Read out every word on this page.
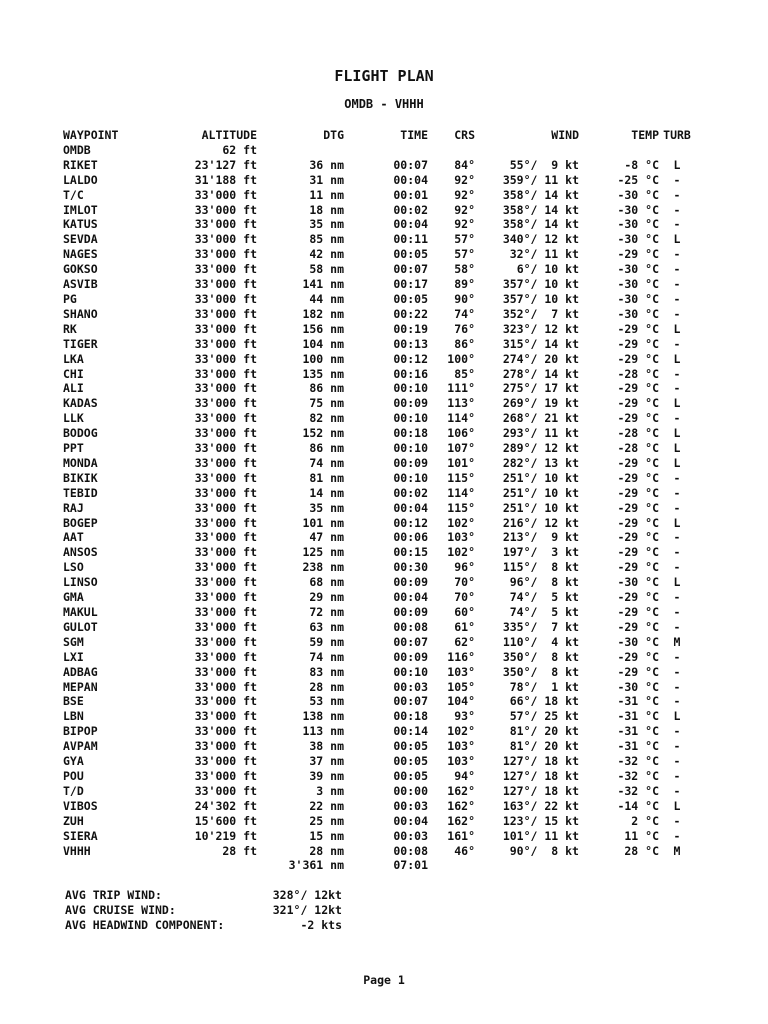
FLIGHT PLAN
OMDB - VHHH
WAYPOINT	ALTITUDE	DTG	TIME	CRS	WIND	TEMP	TURB
OMDB	62 ft						
RIKET	23'127 ft	36 nm	00:07	84°	55°/  9 kt	-8 °C	L
LALDO	31'188 ft	31 nm	00:04	92°	359°/ 11 kt	-25 °C	-
T/C	33'000 ft	11 nm	00:01	92°	358°/ 14 kt	-30 °C	-
IMLOT	33'000 ft	18 nm	00:02	92°	358°/ 14 kt	-30 °C	-
KATUS	33'000 ft	35 nm	00:04	92°	358°/ 14 kt	-30 °C	-
SEVDA	33'000 ft	85 nm	00:11	57°	340°/ 12 kt	-30 °C	L
NAGES	33'000 ft	42 nm	00:05	57°	32°/ 11 kt	-29 °C	-
GOKSO	33'000 ft	58 nm	00:07	58°	6°/ 10 kt	-30 °C	-
ASVIB	33'000 ft	141 nm	00:17	89°	357°/ 10 kt	-30 °C	-
PG	33'000 ft	44 nm	00:05	90°	357°/ 10 kt	-30 °C	-
SHANO	33'000 ft	182 nm	00:22	74°	352°/  7 kt	-30 °C	-
RK	33'000 ft	156 nm	00:19	76°	323°/ 12 kt	-29 °C	L
TIGER	33'000 ft	104 nm	00:13	86°	315°/ 14 kt	-29 °C	-
LKA	33'000 ft	100 nm	00:12	100°	274°/ 20 kt	-29 °C	L
CHI	33'000 ft	135 nm	00:16	85°	278°/ 14 kt	-28 °C	-
ALI	33'000 ft	86 nm	00:10	111°	275°/ 17 kt	-29 °C	-
KADAS	33'000 ft	75 nm	00:09	113°	269°/ 19 kt	-29 °C	L
LLK	33'000 ft	82 nm	00:10	114°	268°/ 21 kt	-29 °C	-
BODOG	33'000 ft	152 nm	00:18	106°	293°/ 11 kt	-28 °C	L
PPT	33'000 ft	86 nm	00:10	107°	289°/ 12 kt	-28 °C	L
MONDA	33'000 ft	74 nm	00:09	101°	282°/ 13 kt	-29 °C	L
BIKIK	33'000 ft	81 nm	00:10	115°	251°/ 10 kt	-29 °C	-
TEBID	33'000 ft	14 nm	00:02	114°	251°/ 10 kt	-29 °C	-
RAJ	33'000 ft	35 nm	00:04	115°	251°/ 10 kt	-29 °C	-
BOGEP	33'000 ft	101 nm	00:12	102°	216°/ 12 kt	-29 °C	L
AAT	33'000 ft	47 nm	00:06	103°	213°/  9 kt	-29 °C	-
ANSOS	33'000 ft	125 nm	00:15	102°	197°/  3 kt	-29 °C	-
LSO	33'000 ft	238 nm	00:30	96°	115°/  8 kt	-29 °C	-
LINSO	33'000 ft	68 nm	00:09	70°	96°/  8 kt	-30 °C	L
GMA	33'000 ft	29 nm	00:04	70°	74°/  5 kt	-29 °C	-
MAKUL	33'000 ft	72 nm	00:09	60°	74°/  5 kt	-29 °C	-
GULOT	33'000 ft	63 nm	00:08	61°	335°/  7 kt	-29 °C	-
SGM	33'000 ft	59 nm	00:07	62°	110°/  4 kt	-30 °C	M
LXI	33'000 ft	74 nm	00:09	116°	350°/  8 kt	-29 °C	-
ADBAG	33'000 ft	83 nm	00:10	103°	350°/  8 kt	-29 °C	-
MEPAN	33'000 ft	28 nm	00:03	105°	78°/  1 kt	-30 °C	-
BSE	33'000 ft	53 nm	00:07	104°	66°/ 18 kt	-31 °C	-
LBN	33'000 ft	138 nm	00:18	93°	57°/ 25 kt	-31 °C	L
BIPOP	33'000 ft	113 nm	00:14	102°	81°/ 20 kt	-31 °C	-
AVPAM	33'000 ft	38 nm	00:05	103°	81°/ 20 kt	-31 °C	-
GYA	33'000 ft	37 nm	00:05	103°	127°/ 18 kt	-32 °C	-
POU	33'000 ft	39 nm	00:05	94°	127°/ 18 kt	-32 °C	-
T/D	33'000 ft	3 nm	00:00	162°	127°/ 18 kt	-32 °C	-
VIBOS	24'302 ft	22 nm	00:03	162°	163°/ 22 kt	-14 °C	L
ZUH	15'600 ft	25 nm	00:04	162°	123°/ 15 kt	2 °C	-
SIERA	10'219 ft	15 nm	00:03	161°	101°/ 11 kt	11 °C	-
VHHH	28 ft	28 nm	00:08	46°	90°/  8 kt	28 °C	M
		3'361 nm	07:01				
AVG TRIP WIND:	328°/ 12kt
AVG CRUISE WIND:	321°/ 12kt
AVG HEADWIND COMPONENT:	-2 kts
Page 1
